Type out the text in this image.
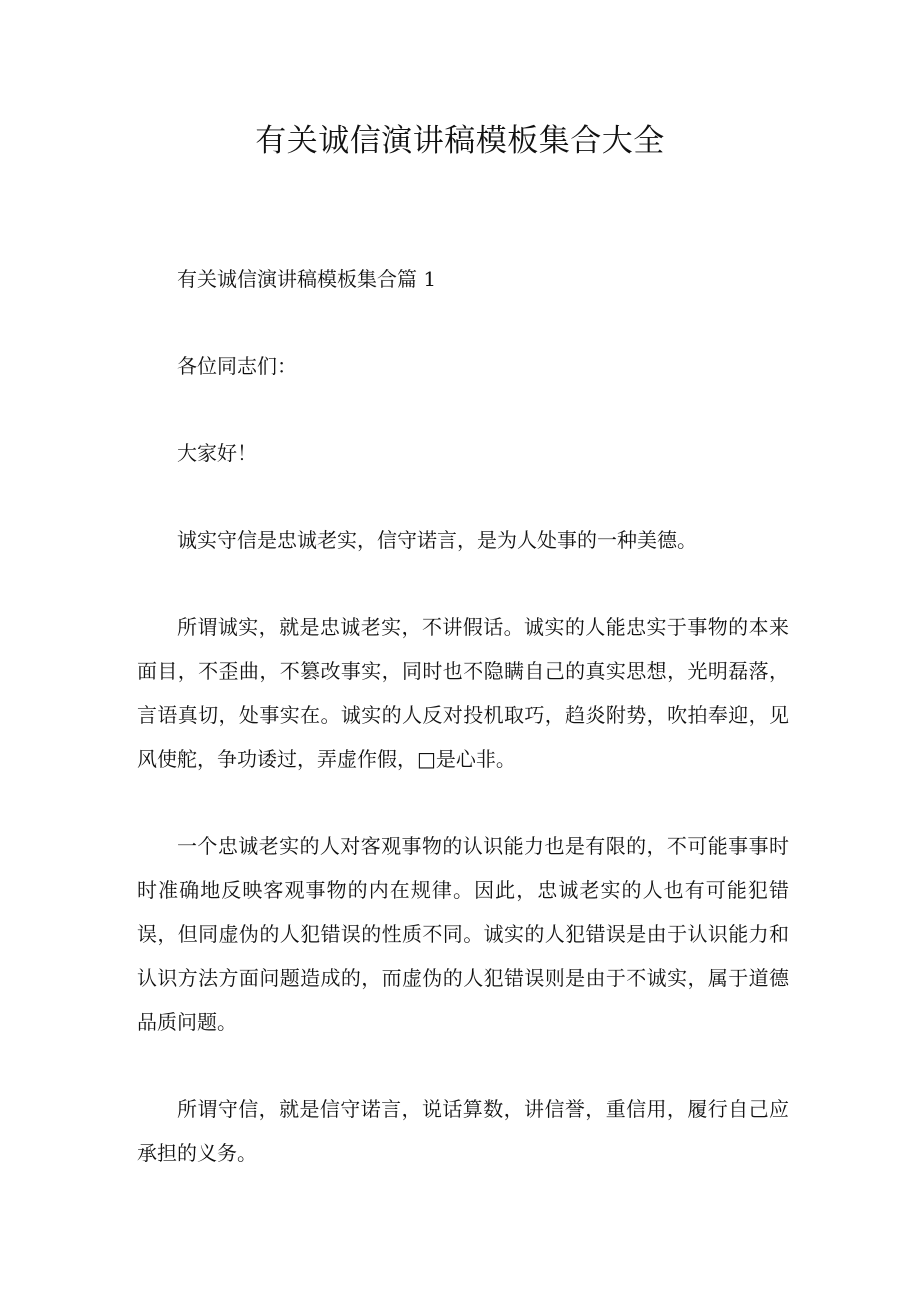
有关诚信演讲稿模板集合大全

有关诚信演讲稿模板集合篇 1

各位同志们：

大家好！

诚实守信是忠诚老实，信守诺言，是为人处事的一种美德。

所谓诚实，就是忠诚老实，不讲假话。诚实的人能忠实于事物的本来面目，不歪曲，不篡改事实，同时也不隐瞒自己的真实思想，光明磊落，言语真切，处事实在。诚实的人反对投机取巧，趋炎附势，吹拍奉迎，见风使舵，争功诿过，弄虚作假，□是心非。

一个忠诚老实的人对客观事物的认识能力也是有限的，不可能事事时时准确地反映客观事物的内在规律。因此，忠诚老实的人也有可能犯错误，但同虚伪的人犯错误的性质不同。诚实的人犯错误是由于认识能力和认识方法方面问题造成的，而虚伪的人犯错误则是由于不诚实，属于道德品质问题。

所谓守信，就是信守诺言，说话算数，讲信誉，重信用，履行自己应承担的义务。
